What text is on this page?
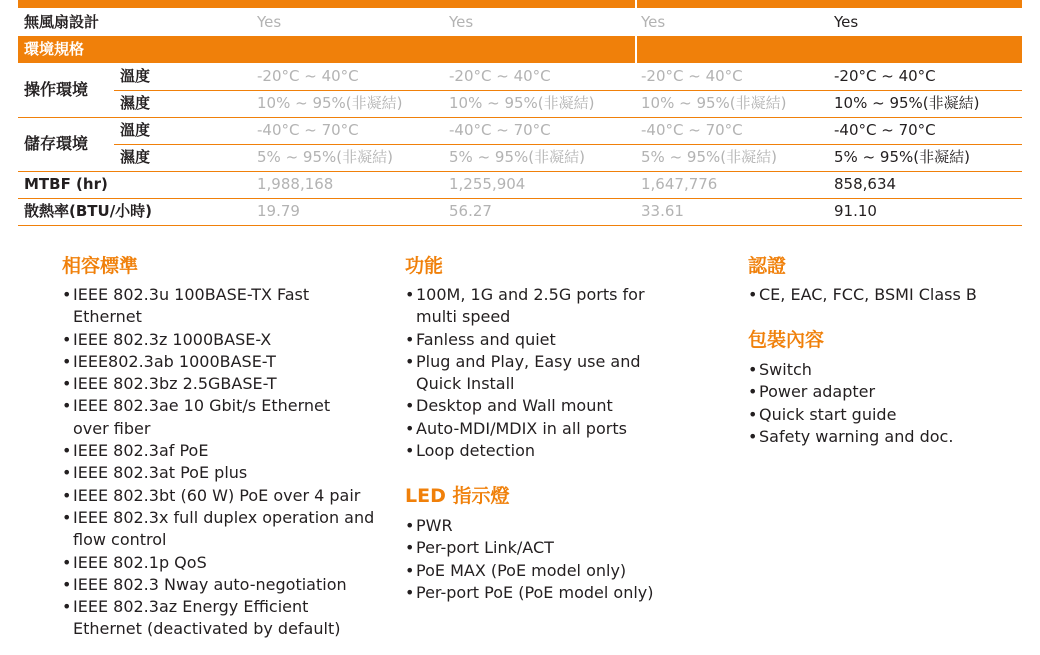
無風扇設計	Yes	Yes	Yes	Yes
環境規格
操作環境
溫度	-20°C ~ 40°C	-20°C ~ 40°C	-20°C ~ 40°C	-20°C ~ 40°C
濕度	10% ~ 95%(非凝結)	10% ~ 95%(非凝結)	10% ~ 95%(非凝結)	10% ~ 95%(非凝結)
儲存環境
溫度	-40°C ~ 70°C	-40°C ~ 70°C	-40°C ~ 70°C	-40°C ~ 70°C
濕度	5% ~ 95%(非凝結)	5% ~ 95%(非凝結)	5% ~ 95%(非凝結)	5% ~ 95%(非凝結)
MTBF (hr)	1,988,168	1,255,904	1,647,776	858,634
散熱率(BTU/小時)	19.79	56.27	33.61	91.10
相容標準
• IEEE 802.3u 100BASE-TX Fast
Ethernet
• IEEE 802.3z 1000BASE-X
• IEEE802.3ab 1000BASE-T
• IEEE 802.3bz 2.5GBASE-T
• IEEE 802.3ae 10 Gbit/s Ethernet
over fiber
• IEEE 802.3af PoE
• IEEE 802.3at PoE plus
• IEEE 802.3bt (60 W) PoE over 4 pair
• IEEE 802.3x full duplex operation and
flow control
• IEEE 802.1p QoS
• IEEE 802.3 Nway auto-negotiation
• IEEE 802.3az Energy Efficient
Ethernet (deactivated by default)
功能
• 100M, 1G and 2.5G ports for
multi speed
• Fanless and quiet
• Plug and Play, Easy use and
Quick Install
• Desktop and Wall mount
• Auto-MDI/MDIX in all ports
• Loop detection
LED 指示燈
• PWR
• Per-port Link/ACT
• PoE MAX (PoE model only)
• Per-port PoE (PoE model only)
認證
• CE, EAC, FCC, BSMI Class B
包裝內容
• Switch
• Power adapter
• Quick start guide
• Safety warning and doc.
